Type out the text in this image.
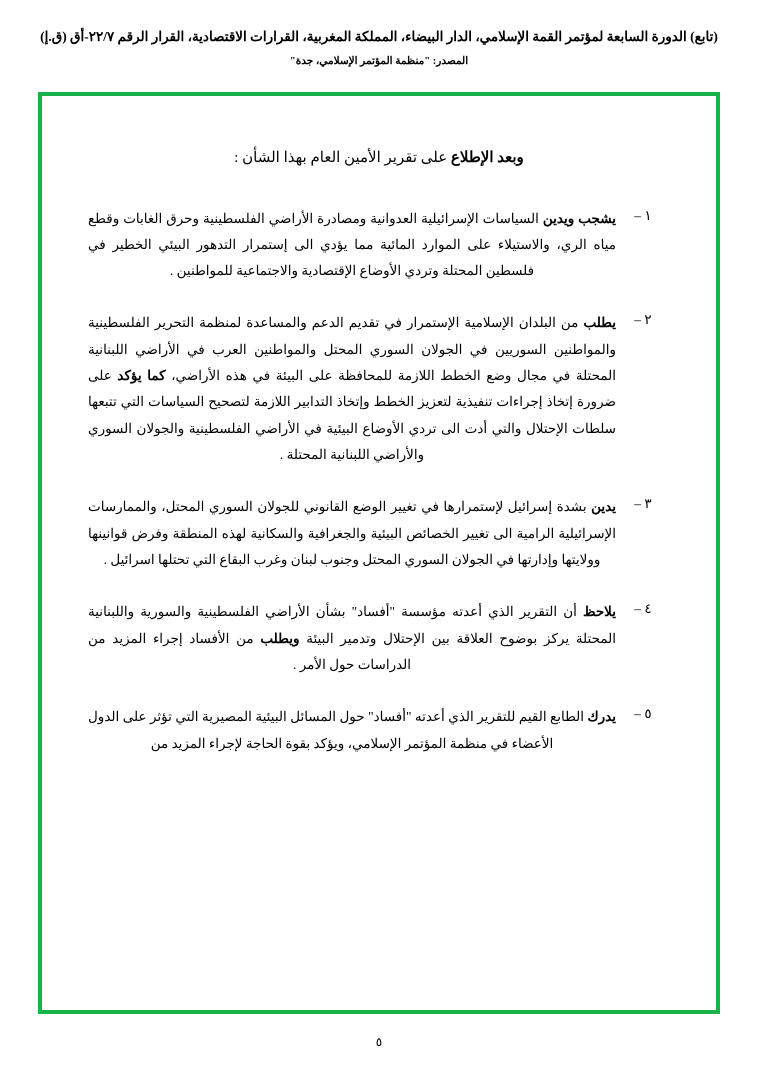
(تابع) الدورة السابعة لمؤتمر القمة الإسلامي، الدار البيضاء، المملكة المغربية، القرارات الاقتصادية، القرار الرقم ٢٢/٧-أق (ق.إ)
المصدر: "منظمة المؤتمر الإسلامي، جدة"
وبعد الإطلاع على تقرير الأمين العام بهذا الشأن :
١ –
يشجب ويدين السياسات الإسرائيلية العدوانية ومصادرة الأراضي الفلسطينية وحرق الغابات وقطع مياه الري، والاستيلاء على الموارد المائية مما يؤدي الى إستمرار التدهور البيئي الخطير في فلسطين المحتلة وتردي الأوضاع الإقتصادية والاجتماعية للمواطنين .
٢ –
يطلب من البلدان الإسلامية الإستمرار في تقديم الدعم والمساعدة لمنظمة التحرير الفلسطينية والمواطنين السوريين في الجولان السوري المحتل والمواطنين العرب في الأراضي اللبنانية المحتلة في مجال وضع الخطط اللازمة للمحافظة على البيئة في هذه الأراضي، كما يؤكد على ضرورة إتخاذ إجراءات تنفيذية لتعزيز الخطط وإتخاذ التدابير اللازمة لتصحيح السياسات التي تتبعها سلطات الإحتلال والتي أدت الى تردي الأوضاع البيئية في الأراضي الفلسطينية والجولان السوري والأراضي اللبنانية المحتلة .
٣ –
يدين بشدة إسرائيل لإستمرارها في تغيير الوضع القانوني للجولان السوري المحتل، والممارسات الإسرائيلية الرامية الى تغيير الخصائص البيئية والجغرافية والسكانية لهذه المنطقة وفرض قوانينها وولايتها وإدارتها في الجولان السوري المحتل وجنوب لبنان وغرب البقاع التي تحتلها اسرائيل .
٤ –
يلاحظ أن التقرير الذي أعدته مؤسسة "أفساد" بشأن الأراضي الفلسطينية والسورية واللبنانية المحتلة يركز بوضوح العلاقة بين الإحتلال وتدمير البيئة ويطلب من الأفساد إجراء المزيد من الدراسات حول الأمر .
٥ –
يدرك الطابع القيم للتقرير الذي أعدته "أفساد" حول المسائل البيئية المصيرية التي تؤثر على الدول الأعضاء في منظمة المؤتمر الإسلامي، ويؤكد بقوة الحاجة لإجراء المزيد من
٥
